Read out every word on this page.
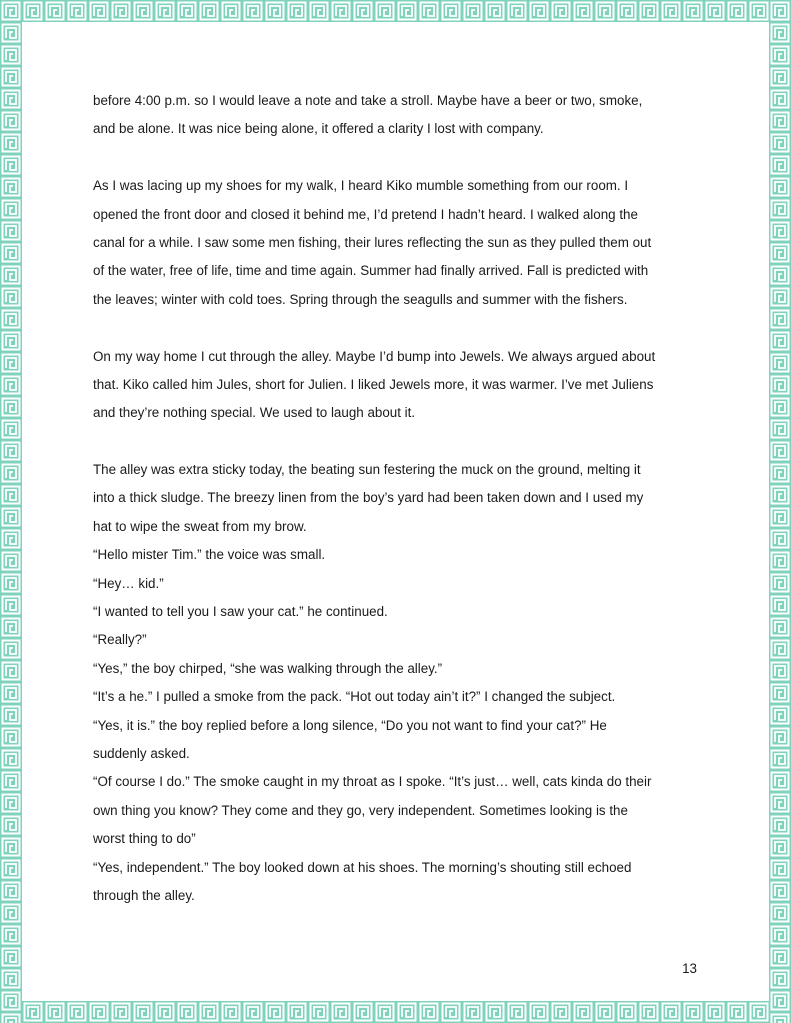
before 4:00 p.m. so I would leave a note and take a stroll. Maybe have a beer or two, smoke,
and be alone. It was nice being alone, it offered a clarity I lost with company.
As I was lacing up my shoes for my walk, I heard Kiko mumble something from our room. I
opened the front door and closed it behind me, I’d pretend I hadn’t heard. I walked along the
canal for a while. I saw some men fishing, their lures reflecting the sun as they pulled them out
of the water, free of life, time and time again. Summer had finally arrived. Fall is predicted with
the leaves; winter with cold toes. Spring through the seagulls and summer with the fishers.
On my way home I cut through the alley. Maybe I’d bump into Jewels. We always argued about
that. Kiko called him Jules, short for Julien. I liked Jewels more, it was warmer. I’ve met Juliens
and they’re nothing special. We used to laugh about it.
The alley was extra sticky today, the beating sun festering the muck on the ground, melting it
into a thick sludge. The breezy linen from the boy’s yard had been taken down and I used my
hat to wipe the sweat from my brow.
“Hello mister Tim.” the voice was small.
“Hey… kid.”
“I wanted to tell you I saw your cat.” he continued.
“Really?”
“Yes,” the boy chirped, “she was walking through the alley.”
“It’s a he.” I pulled a smoke from the pack. “Hot out today ain’t it?” I changed the subject.
“Yes, it is.” the boy replied before a long silence, “Do you not want to find your cat?” He
suddenly asked.
“Of course I do.” The smoke caught in my throat as I spoke. “It’s just… well, cats kinda do their
own thing you know? They come and they go, very independent. Sometimes looking is the
worst thing to do”
“Yes, independent.” The boy looked down at his shoes. The morning’s shouting still echoed
through the alley.
13
